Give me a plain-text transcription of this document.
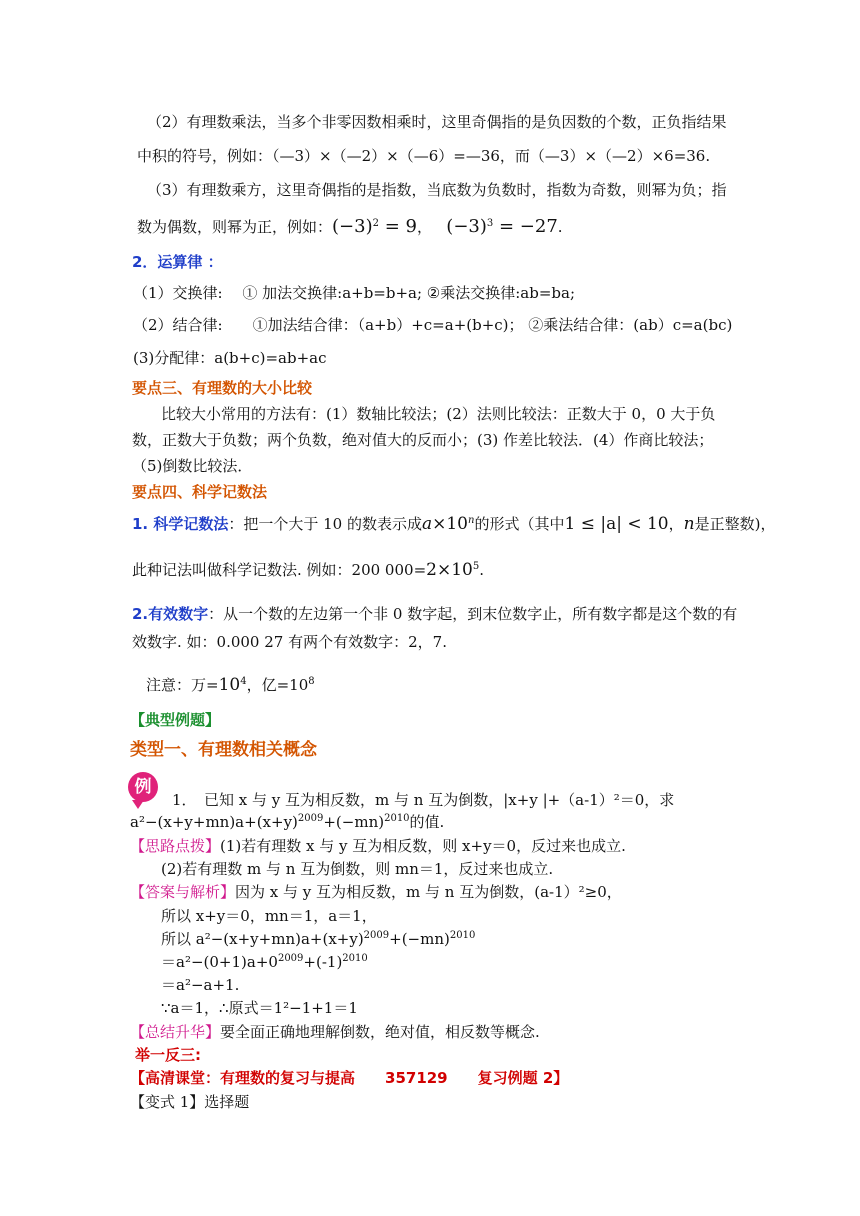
（2）有理数乘法，当多个非零因数相乘时，这里奇偶指的是负因数的个数，正负指结果
中积的符号，例如：（—3）×（—2）×（—6）=—36，而（—3）×（—2）×6=36.
（3）有理数乘方，这里奇偶指的是指数，当底数为负数时，指数为奇数，则幂为负；指
数为偶数，则幂为正，例如：$(-3)^2 = 9$， $(-3)^3 = -27$.
2．运算律 ：
（1）交换律:　 ① 加法交换律:a+b=b+a; ②乘法交换律:ab=ba;
（2）结合律:　　①加法结合律：（a+b）+c=a+(b+c)； ②乘法结合律：(ab）c=a(bc)
(3)分配律：a(b+c)=ab+ac
要点三、有理数的大小比较
比较大小常用的方法有：(1）数轴比较法；(2）法则比较法：正数大于 0，0 大于负
数，正数大于负数；两个负数，绝对值大的反而小；(3) 作差比较法．(4）作商比较法；
（5)倒数比较法．
要点四、科学记数法
1. 科学记数法：把一个大于 10 的数表示成$a\times 10^n$的形式（其中1 ≤ |a| < 10，n是正整数)，
此种记法叫做科学记数法. 例如：200 $000=2\times 10^5$.
2.有效数字：从一个数的左边第一个非 0 数字起，到末位数字止，所有数字都是这个数的有
效数字. 如：0.000 27 有两个有效数字：2，7.
注意：万$=10^4$，亿$=10^8$
【典型例题】
类型一、有理数相关概念
例
1．　已知 x 与 y 互为相反数，m 与 n 互为倒数，|x+y |+（a-1）²＝0，求
$a^2-(x+y+mn)a+(x+y)^{2009}+(-mn)^{2010}$的值.
【思路点拨】(1)若有理数 x 与 y 互为相反数，则 x+y＝0，反过来也成立.
(2)若有理数 m 与 n 互为倒数，则 mn＝1，反过来也成立.
【答案与解析】因为 x 与 y 互为相反数，m 与 n 互为倒数，(a-1）²≥0，
所以 x+y＝0，mn＝1，a＝1，
所以 $a^2-(x+y+mn)a+(x+y)^{2009}+(-mn)^{2010}$
$=a^2-(0+1)a+0^{2009}+(-1)^{2010}$
＝a²−a+1.
∵a＝1，∴原式＝1²−1+1＝1
【总结升华】要全面正确地理解倒数，绝对值，相反数等概念.
举一反三:
【高清课堂：有理数的复习与提高　　357129　　复习例题 2】
【变式 1】选择题
